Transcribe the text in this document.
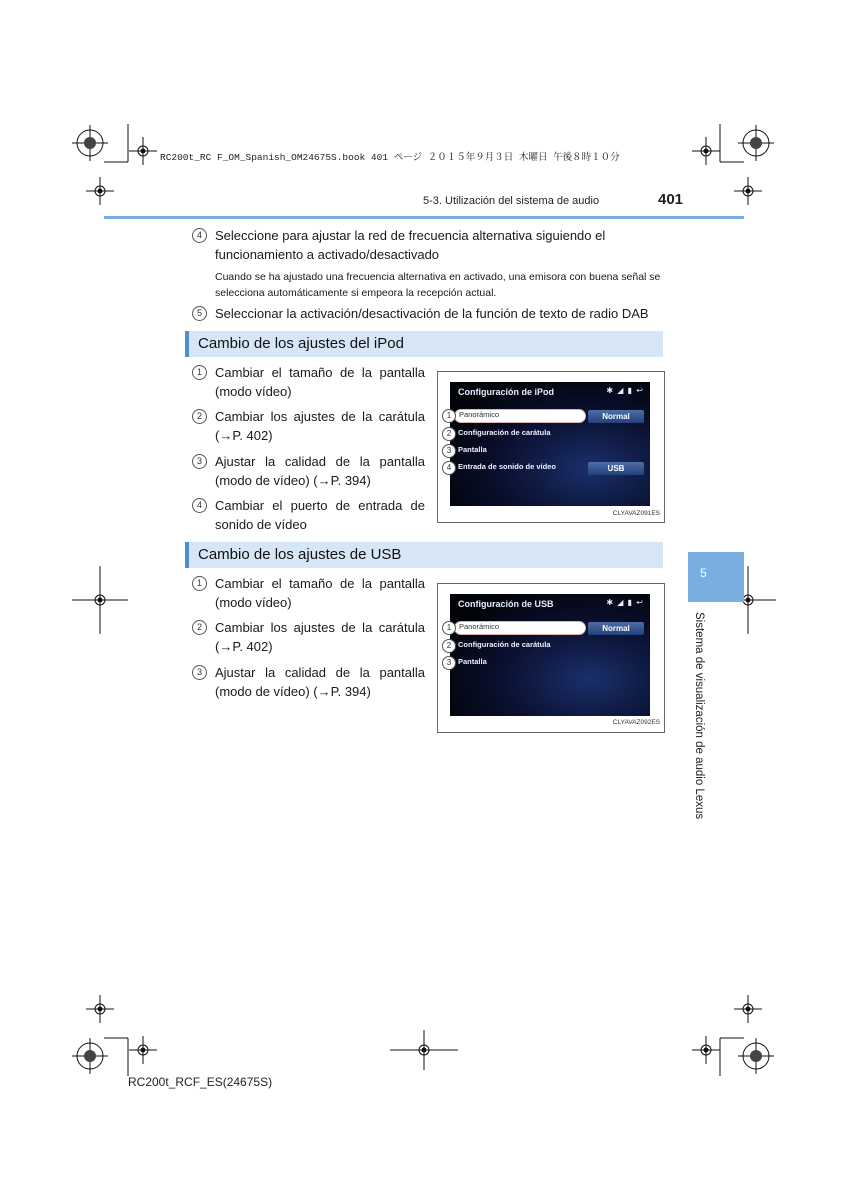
RC200t_RC F_OM_Spanish_OM24675S.book 401 ページ ２０１５年９月３日 木曜日 午後８時１０分
5-3. Utilización del sistema de audio	401
4	Seleccione para ajustar la red de frecuencia alternativa siguiendo el funcionamiento a activado/desactivado
Cuando se ha ajustado una frecuencia alternativa en activado, una emisora con buena señal se selecciona automáticamente si empeora la recepción actual.
5	Seleccionar la activación/desactivación de la función de texto de radio DAB
Cambio de los ajustes del iPod
1	Cambiar el tamaño de la pantalla (modo vídeo)
2	Cambiar los ajustes de la carátula (→P. 402)
3	Ajustar la calidad de la pantalla (modo de vídeo) (→P. 394)
4	Cambiar el puerto de entrada de sonido de vídeo
Configuración de iPod	✱ ◢ ▮ ↩
Panorámico	Normal
Configuración de carátula
Pantalla
Entrada de sonido de vídeo	USB
1
2
3
4
CLYAVAZ091ES
Cambio de los ajustes de USB
1	Cambiar el tamaño de la pantalla (modo vídeo)
2	Cambiar los ajustes de la carátula (→P. 402)
3	Ajustar la calidad de la pantalla (modo de vídeo) (→P. 394)
Configuración de USB	✱ ◢ ▮ ↩
Panorámico	Normal
Configuración de carátula
Pantalla
1
2
3
CLYAVAZ092ES
5
Sistema de visualización de audio Lexus
RC200t_RCF_ES(24675S)
